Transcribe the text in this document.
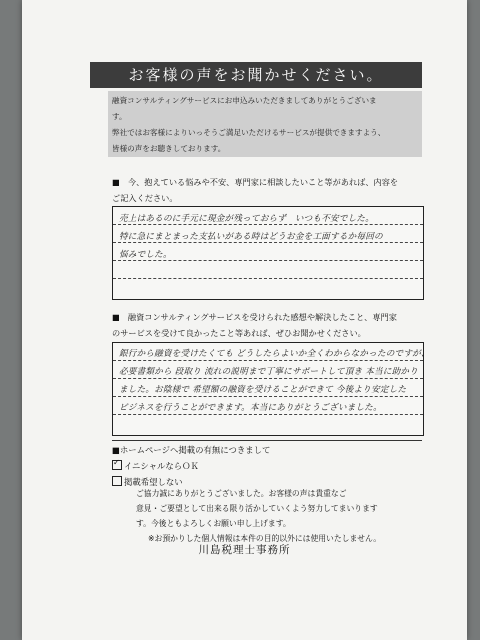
お客様の声をお聞かせください。

融資コンサルティングサービスにお申込みいただきましてありがとうございま

す。

弊社ではお客様によりいっそうご満足いただけるサービスが提供できますよう、

皆様の声をお聴きしております。

■　今、抱えている悩みや不安、専門家に相談したいこと等があれば、内容を
ご記入ください。
売上はあるのに手元に現金が残っておらず　いつも不安でした。
特に急にまとまった支払いがある時はどうお金を工面するか毎回の
悩みでした。
■　融資コンサルティングサービスを受けられた感想や解決したこと、専門家
のサービスを受けて良かったこと等あれば、ぜひお聞かせください。
銀行から融資を受けたくても どうしたらよいか全くわからなかったのですが、
必要書類から 段取り 流れの説明まで丁寧にサポートして頂き 本当に助かり
ました。お陰様で 希望額の融資を受けることができて 今後より安定した
ビジネスを行うことができます。本当にありがとうございました。
■ホームページへ掲載の有無につきまして
✓ イニシャルならＯＫ
掲載希望しない

ご協力誠にありがとうございました。お客様の声は貴重なご

意見・ご要望として出来る限り活かしていくよう努力してまいります

す。今後ともよろしくお願い申し上げます。

※お預かりした個人情報は本件の目的以外には使用いたしません。

川島税理士事務所
